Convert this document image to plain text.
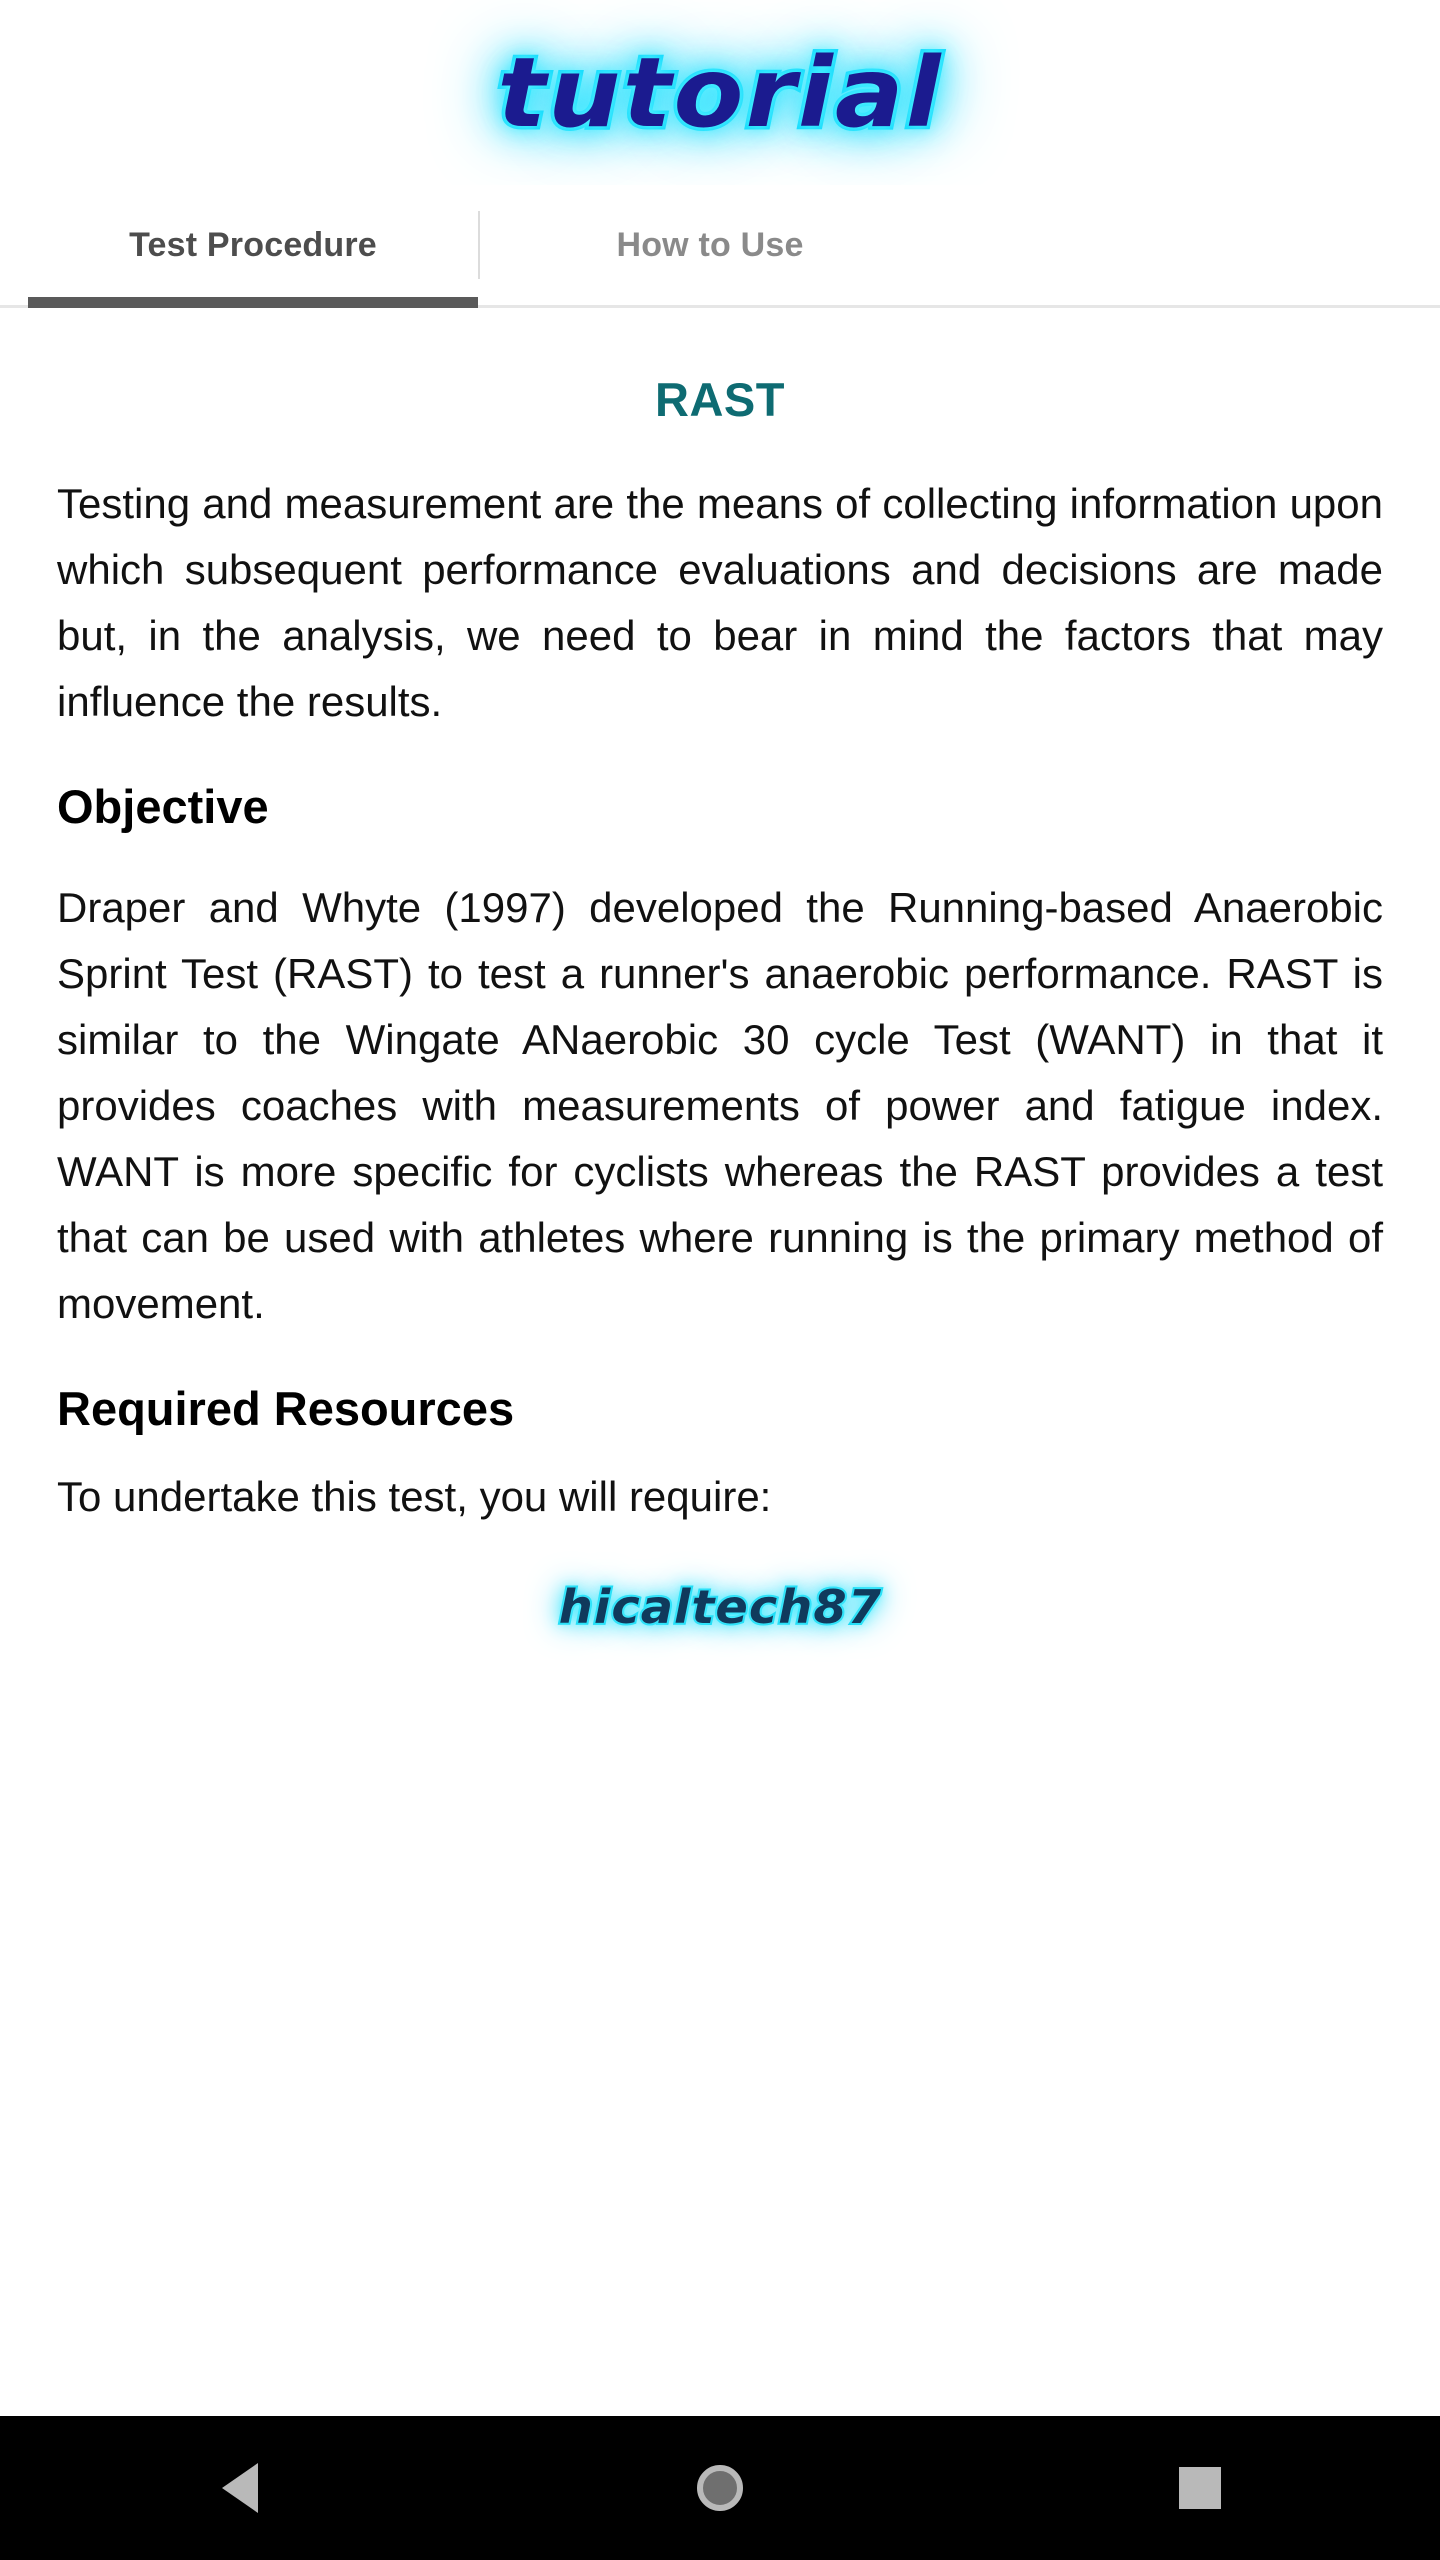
tutorial
Test Procedure	How to Use
RAST

Testing and measurement are the means of collecting information upon which subsequent performance evaluations and decisions are made but, in the analysis, we need to bear in mind the factors that may influence the results.

Objective

Draper and Whyte (1997) developed the Running-based Anaerobic Sprint Test (RAST) to test a runner's anaerobic performance. RAST is similar to the Wingate ANaerobic 30 cycle Test (WANT) in that it provides coaches with measurements of power and fatigue index. WANT is more specific for cyclists whereas the RAST provides a test that can be used with athletes where running is the primary method of movement.

Required Resources

To undertake this test, you will require:

hicaltech87
